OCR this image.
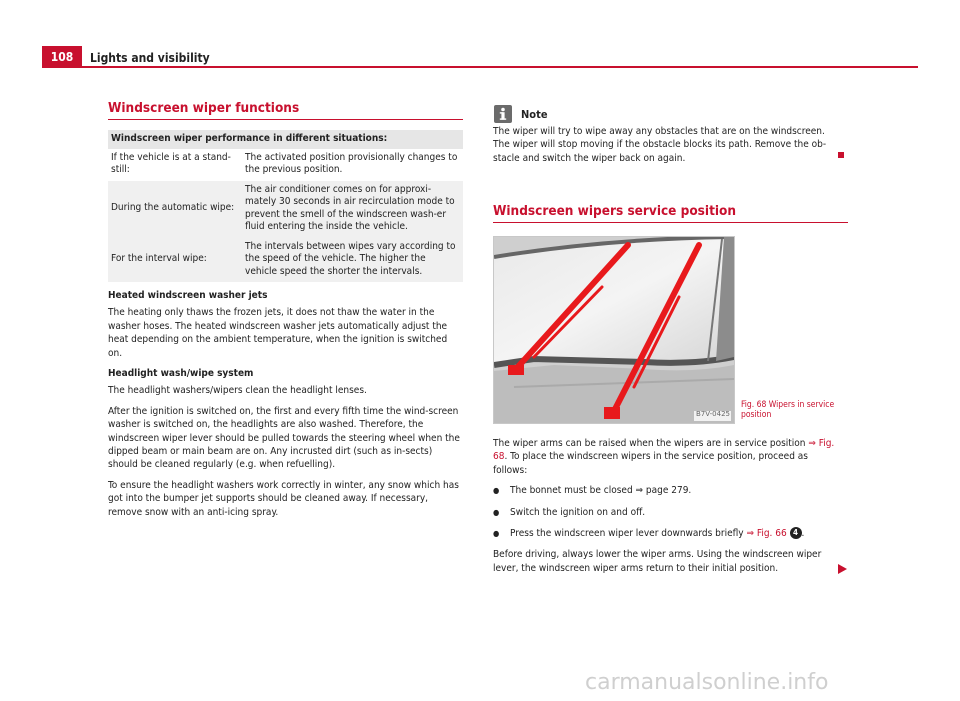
108	Lights and visibility
Windscreen wiper functions
Windscreen wiper performance in different situations:	
If the vehicle is at a stand-still:	The activated position provisionally changes to the previous position.
During the automatic wipe:	The air conditioner comes on for approxi-mately 30 seconds in air recirculation mode to prevent the smell of the windscreen wash-er fluid entering the inside the vehicle.
For the interval wipe:	The intervals between wipes vary according to the speed of the vehicle. The higher the vehicle speed the shorter the intervals.
Heated windscreen washer jets

The heating only thaws the frozen jets, it does not thaw the water in the washer hoses. The heated windscreen washer jets automatically adjust the heat depending on the ambient temperature, when the ignition is switched on.

Headlight wash/wipe system

The headlight washers/wipers clean the headlight lenses.

After the ignition is switched on, the first and every fifth time the wind-screen washer is switched on, the headlights are also washed. Therefore, the windscreen wiper lever should be pulled towards the steering wheel when the dipped beam or main beam are on. Any incrusted dirt (such as in-sects) should be cleaned regularly (e.g. when refuelling).

To ensure the headlight washers work correctly in winter, any snow which has got into the bumper jet supports should be cleaned away. If necessary, remove snow with an anti-icing spray.

Note
The wiper will try to wipe away any obstacles that are on the windscreen. The wiper will stop moving if the obstacle blocks its path. Remove the ob-stacle and switch the wiper back on again.
Windscreen wipers service position
B7V-0425
Fig. 68 Wipers in service position

The wiper arms can be raised when the wipers are in service position ⇒ Fig. 68. To place the windscreen wipers in the service position, proceed as follows:

● The bonnet must be closed ⇒ page 279.
● Switch the ignition on and off.
● Press the windscreen wiper lever downwards briefly ⇒ Fig. 66 4 .

Before driving, always lower the wiper arms. Using the windscreen wiper lever, the windscreen wiper arms return to their initial position.

carmanualsonline.info
